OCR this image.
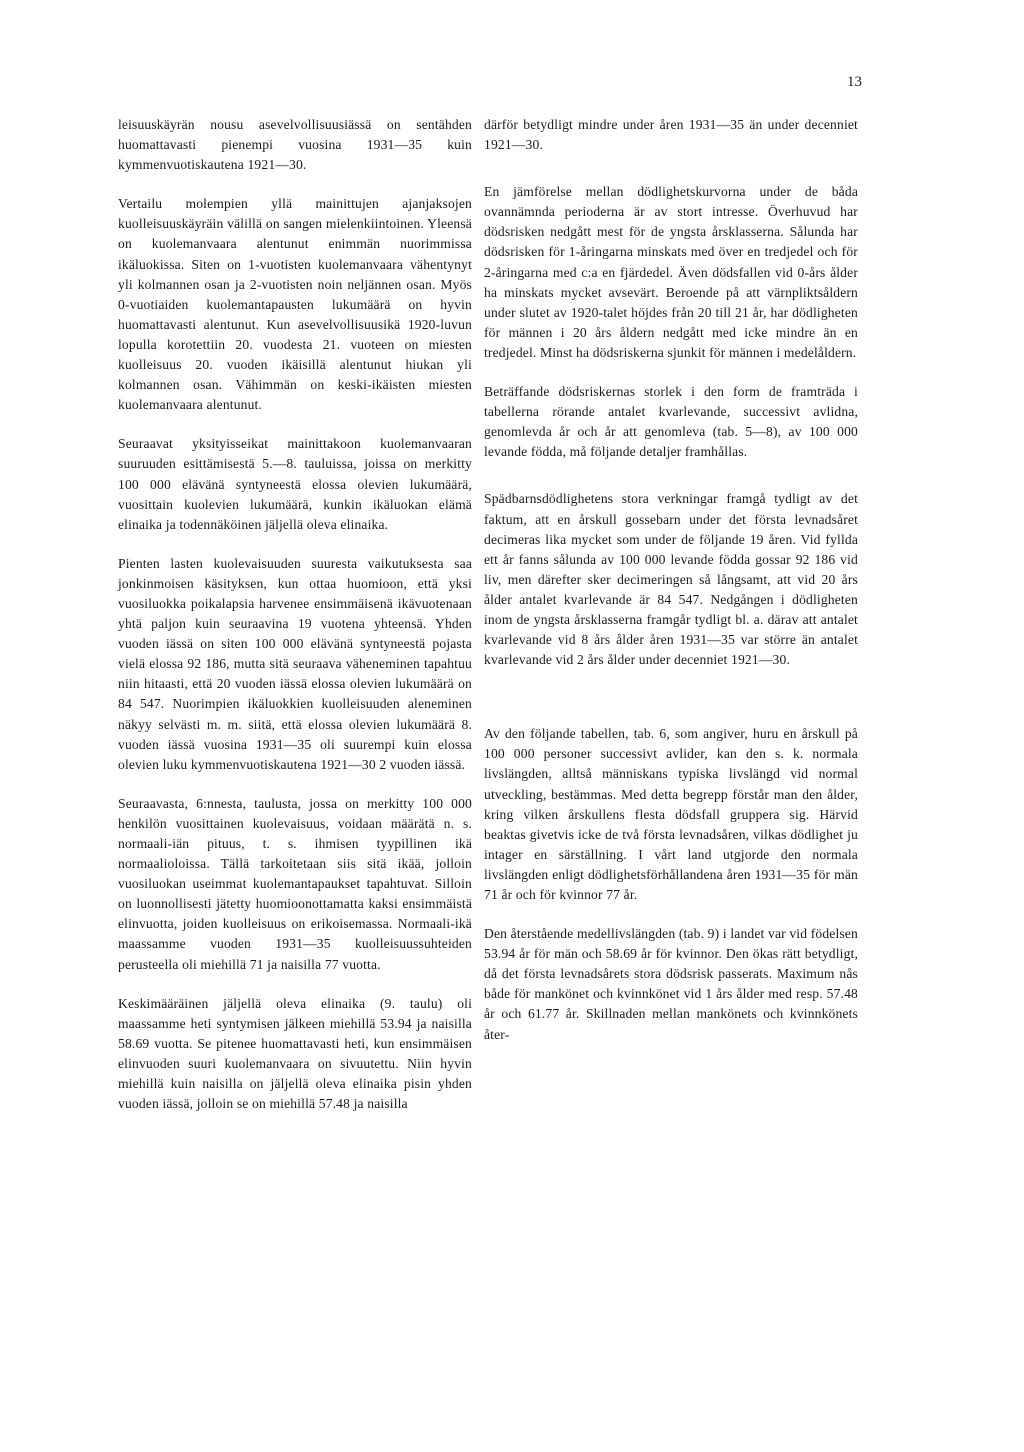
13

leisuuskäyrän nousu asevelvollisuusiässä on sentähden huomattavasti pienempi vuosina 1931—35 kuin kymmenvuotiskautena 1921—30.

Vertailu molempien yllä mainittujen ajanjaksojen kuolleisuuskäyräin välillä on sangen mielenkiintoinen. Yleensä on kuolemanvaara alentunut enimmän nuorimmissa ikäluokissa. Siten on 1-vuotisten kuolemanvaara vähentynyt yli kolmannen osan ja 2-vuotisten noin neljännen osan. Myös 0-vuotiaiden kuolemantapausten lukumäärä on hyvin huomattavasti alentunut. Kun asevelvollisuusikä 1920-luvun lopulla korotettiin 20. vuodesta 21. vuoteen on miesten kuolleisuus 20. vuoden ikäisillä alentunut hiukan yli kolmannen osan. Vähimmän on keski-ikäisten miesten kuolemanvaara alentunut.

Seuraavat yksityisseikat mainittakoon kuolemanvaaran suuruuden esittämisestä 5.—8. tauluissa, joissa on merkitty 100 000 elävänä syntyneestä elossa olevien lukumäärä, vuosittain kuolevien lukumäärä, kunkin ikäluokan elämä elinaika ja todennäköinen jäljellä oleva elinaika.

Pienten lasten kuolevaisuuden suuresta vaikutuksesta saa jonkinmoisen käsityksen, kun ottaa huomioon, että yksi vuosiluokka poikalapsia harvenee ensimmäisenä ikävuotenaan yhtä paljon kuin seuraavina 19 vuotena yhteensä. Yhden vuoden iässä on siten 100 000 elävänä syntyneestä pojasta vielä elossa 92 186, mutta sitä seuraava väheneminen tapahtuu niin hitaasti, että 20 vuoden iässä elossa olevien lukumäärä on 84 547. Nuorimpien ikäluokkien kuolleisuuden aleneminen näkyy selvästi m. m. siitä, että elossa olevien lukumäärä 8. vuoden iässä vuosina 1931—35 oli suurempi kuin elossa olevien luku kymmenvuotiskautena 1921—30 2 vuoden iässä.

Seuraavasta, 6:nnesta, taulusta, jossa on merkitty 100 000 henkilön vuosittainen kuolevaisuus, voidaan määrätä n. s. normaali-iän pituus, t. s. ihmisen tyypillinen ikä normaalioloissa. Tällä tarkoitetaan siis sitä ikää, jolloin vuosiluokan useimmat kuolemantapaukset tapahtuvat. Silloin on luonnollisesti jätetty huomioonottamatta kaksi ensimmäistä elinvuotta, joiden kuolleisuus on erikoisemassa. Normaali-ikä maassamme vuoden 1931—35 kuolleisuussuhteiden perusteella oli miehillä 71 ja naisilla 77 vuotta.

Keskimääräinen jäljellä oleva elinaika (9. taulu) oli maassamme heti syntymisen jälkeen miehillä 53.94 ja naisilla 58.69 vuotta. Se pitenee huomattavasti heti, kun ensimmäisen elinvuoden suuri kuolemanvaara on sivuutettu. Niin hyvin miehillä kuin naisilla on jäljellä oleva elinaika pisin yhden vuoden iässä, jolloin se on miehillä 57.48 ja naisilla

därför betydligt mindre under åren 1931—35 än under decenniet 1921—30.

En jämförelse mellan dödlighetskurvorna under de båda ovannämnda perioderna är av stort intresse. Överhuvud har dödsrisken nedgått mest för de yngsta årsklasserna. Sålunda har dödsrisken för 1-åringarna minskats med över en tredjedel och för 2-åringarna med c:a en fjärdedel. Även dödsfallen vid 0-års ålder ha minskats mycket avsevärt. Beroende på att värnpliktsåldern under slutet av 1920-talet höjdes från 20 till 21 år, har dödligheten för männen i 20 års åldern nedgått med icke mindre än en tredjedel. Minst ha dödsriskerna sjunkit för männen i medelåldern.

Beträffande dödsriskernas storlek i den form de framträda i tabellerna rörande antalet kvarlevande, successivt avlidna, genomlevda år och år att genomleva (tab. 5—8), av 100 000 levande födda, må följande detaljer framhållas.

Spädbarnsdödlighetens stora verkningar framgå tydligt av det faktum, att en årskull gossebarn under det första levnadsåret decimeras lika mycket som under de följande 19 åren. Vid fyllda ett år fanns sålunda av 100 000 levande födda gossar 92 186 vid liv, men därefter sker decimeringen så långsamt, att vid 20 års ålder antalet kvarlevande är 84 547. Nedgången i dödligheten inom de yngsta årsklasserna framgår tydligt bl. a. därav att antalet kvarlevande vid 8 års ålder åren 1931—35 var större än antalet kvarlevande vid 2 års ålder under decenniet 1921—30.

Av den följande tabellen, tab. 6, som angiver, huru en årskull på 100 000 personer successivt avlider, kan den s. k. normala livslängden, alltså människans typiska livslängd vid normal utveckling, bestämmas. Med detta begrepp förstår man den ålder, kring vilken årskullens flesta dödsfall grupperа sig. Härvid beaktas givetvis icke de två första levnadsåren, vilkas dödlighet ju intager en särställning. I vårt land utgjorde den normala livslängden enligt dödlighetsförhållandena åren 1931—35 för män 71 år och för kvinnor 77 år.

Den återstående medellivslängden (tab. 9) i landet var vid födelsen 53.94 år för män och 58.69 år för kvinnor. Den ökas rätt betydligt, då det första levnadsårets stora dödsrisk passerats. Maximum nås både för mankönet och kvinnkönet vid 1 års ålder med resp. 57.48 år och 61.77 år. Skillnaden mellan mankönets och kvinnkönets åter-
